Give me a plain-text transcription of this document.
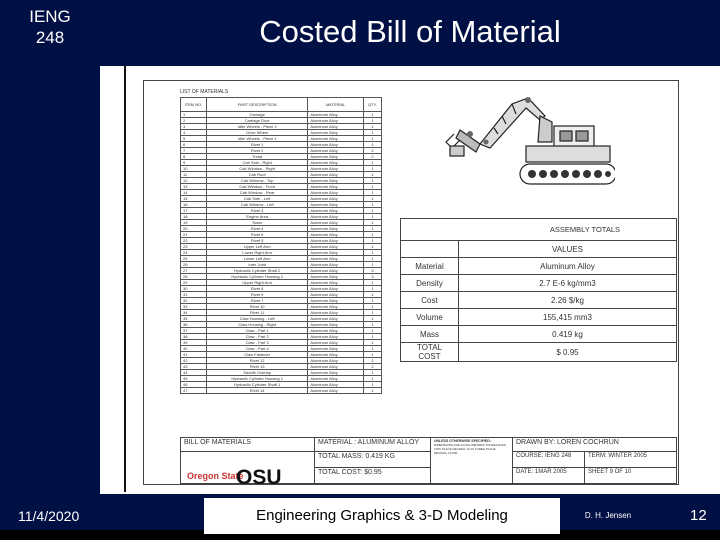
IENG
248	Costed Bill of Material
LIST OF MATERIALS
ITEM NO.	PART DESCRIPTION	MATERIAL	QTY.
1	Carriage	Aluminum Alloy	1
2	Carriage Door	Aluminum Alloy	1
3	Idler Wheels - Piece 2	Aluminum Alloy	1
4	Drive Wheel	Aluminum Alloy	1
5	Idler Wheels - Piece 1	Aluminum Alloy	1
6	Rivet 1	Aluminum Alloy	1
7	Rivet 2	Aluminum Alloy	2
8	Tread	Aluminum Alloy	2
9	Cab Side - Right	Aluminum Alloy	1
10	Cab Window - Right	Aluminum Alloy	1
11	Cab Roof	Aluminum Alloy	1
12	Cab Window - Top	Aluminum Alloy	1
13	Cab Window - Front	Aluminum Alloy	1
14	Cab Window - Rear	Aluminum Alloy	1
15	Cab Side - Left	Aluminum Alloy	1
16	Cab Window - Left	Aluminum Alloy	1
17	Rivet 3	Aluminum Alloy	1
18	Engine Area	Aluminum Alloy	1
19	Tower	Aluminum Alloy	1
20	Rivet 4	Aluminum Alloy	1
21	Rivet 6	Aluminum Alloy	1
22	Rivet 5	Aluminum Alloy	1
23	Upper Left Arm	Aluminum Alloy	1
24	Lower Right Arm	Aluminum Alloy	1
25	Lower Left Arm	Aluminum Alloy	1
26	Inter Joint	Aluminum Alloy	1
27	Hydraulic Cylinder Shaft 2	Aluminum Alloy	3
28	Hydraulic Cylinder Housing 2	Aluminum Alloy	3
29	Upper Right Arm	Aluminum Alloy	1
30	Rivet 8	Aluminum Alloy	1
31	Rivet 9	Aluminum Alloy	1
32	Rivet 7	Aluminum Alloy	1
33	Rivet 10	Aluminum Alloy	1
34	Rivet 11	Aluminum Alloy	1
35	Claw Housing - Left	Aluminum Alloy	1
36	Claw Housing - Right	Aluminum Alloy	1
37	Claw - Part 1	Aluminum Alloy	1
38	Claw - Part 2	Aluminum Alloy	1
39	Claw - Part 3	Aluminum Alloy	1
40	Claw - Part 4	Aluminum Alloy	1
41	Claw Fastener	Aluminum Alloy	1
42	Rivet 12	Aluminum Alloy	2
43	Rivet 13	Aluminum Alloy	2
44	Saddle Overlap	Aluminum Alloy	1
45	Hydraulic Cylinder Housing 1	Aluminum Alloy	1
46	Hydraulic Cylinder Shaft 1	Aluminum Alloy	1
47	Rivet 14	Aluminum Alloy	1
ASSEMBLY TOTALS	
	VALUES
Material	Aluminum Alloy
Density	2.7 E-6 kg/mm3
Cost	2.26 $/kg
Volume	155,415 mm3
Mass	0.419 kg
TOTAL COST	$ 0.95
BILL OF MATERIALS
Oregon State
OSU
MATERIAL : ALUMINUM ALLOY
TOTAL MASS: 0.419 KG
TOTAL COST: $0.95
UNLESS OTHERWISE SPECIFIED:
DIMENSIONS ARE IN MILLIMETERS TOLERANCES: TWO PLACE DECIMAL ±0.01 THREE PLACE DECIMAL ±0.005
DRAWN BY: LOREN COCHRUN
COURSE: IENG 248	TERM: WINTER 2005
DATE: 1MAR 2005	SHEET 9 OF 10
11/4/2020	Engineering Graphics & 3-D Modeling	D. H. Jensen	12
